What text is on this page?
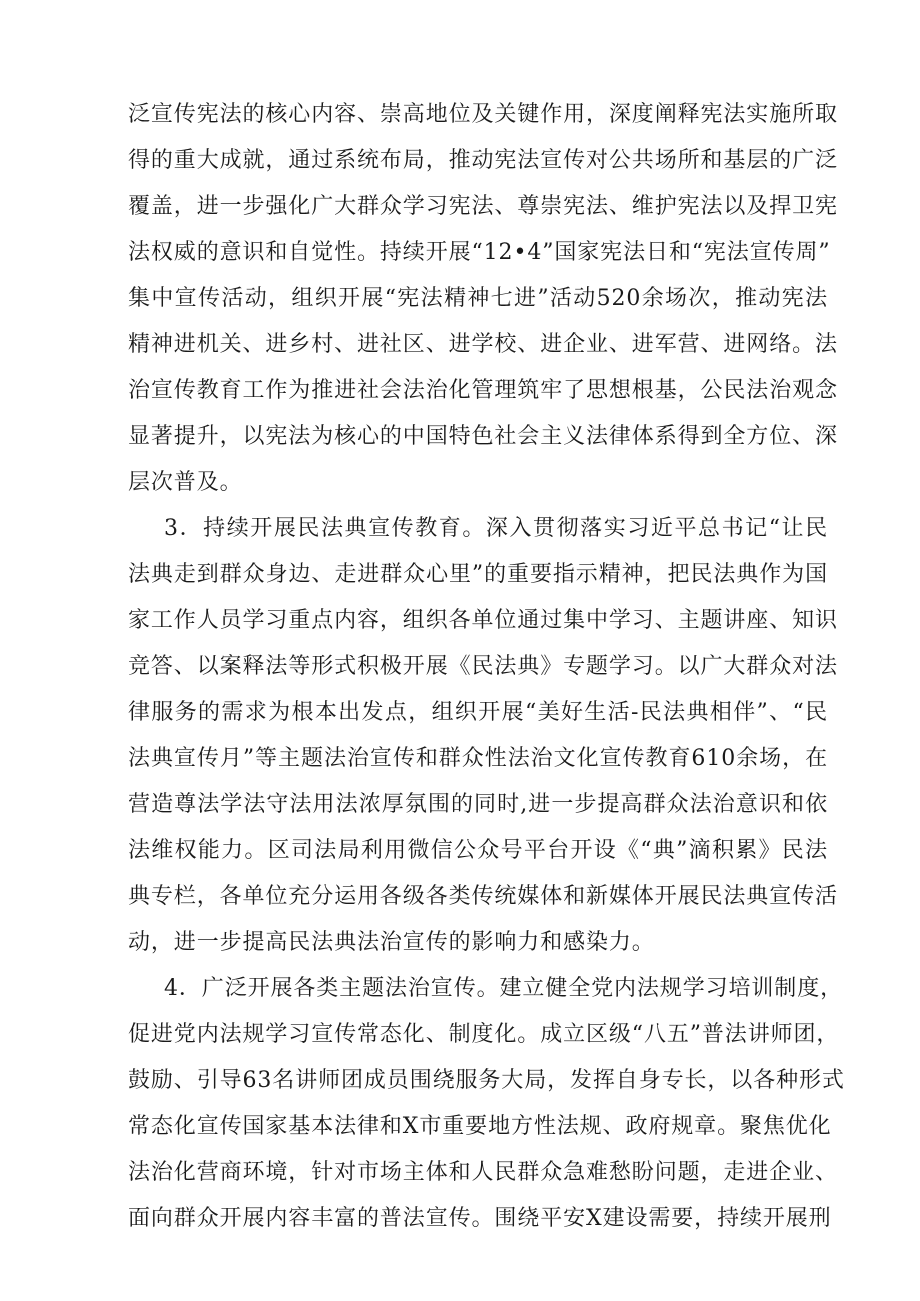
泛宣传宪法的核心内容、崇高地位及关键作用，深度阐释宪法实施所取
得的重大成就，通过系统布局，推动宪法宣传对公共场所和基层的广泛
覆盖，进一步强化广大群众学习宪法、尊崇宪法、维护宪法以及捍卫宪
法权威的意识和自觉性。持续开展“12•4”国家宪法日和“宪法宣传周”
集中宣传活动，组织开展“宪法精神七进”活动520余场次，推动宪法
精神进机关、进乡村、进社区、进学校、进企业、进军营、进网络。法
治宣传教育工作为推进社会法治化管理筑牢了思想根基，公民法治观念
显著提升，以宪法为核心的中国特色社会主义法律体系得到全方位、深
层次普及。
3．持续开展民法典宣传教育。深入贯彻落实习近平总书记“让民
法典走到群众身边、走进群众心里”的重要指示精神，把民法典作为国
家工作人员学习重点内容，组织各单位通过集中学习、主题讲座、知识
竞答、以案释法等形式积极开展《民法典》专题学习。以广大群众对法
律服务的需求为根本出发点，组织开展“美好生活-民法典相伴”、“民
法典宣传月”等主题法治宣传和群众性法治文化宣传教育610余场，在
营造尊法学法守法用法浓厚氛围的同时,进一步提高群众法治意识和依
法维权能力。区司法局利用微信公众号平台开设《“典”滴积累》民法
典专栏，各单位充分运用各级各类传统媒体和新媒体开展民法典宣传活
动，进一步提高民法典法治宣传的影响力和感染力。
4．广泛开展各类主题法治宣传。建立健全党内法规学习培训制度，
促进党内法规学习宣传常态化、制度化。成立区级“八五”普法讲师团，
鼓励、引导63名讲师团成员围绕服务大局，发挥自身专长，以各种形式
常态化宣传国家基本法律和X市重要地方性法规、政府规章。聚焦优化
法治化营商环境，针对市场主体和人民群众急难愁盼问题，走进企业、
面向群众开展内容丰富的普法宣传。围绕平安X建设需要，持续开展刑
